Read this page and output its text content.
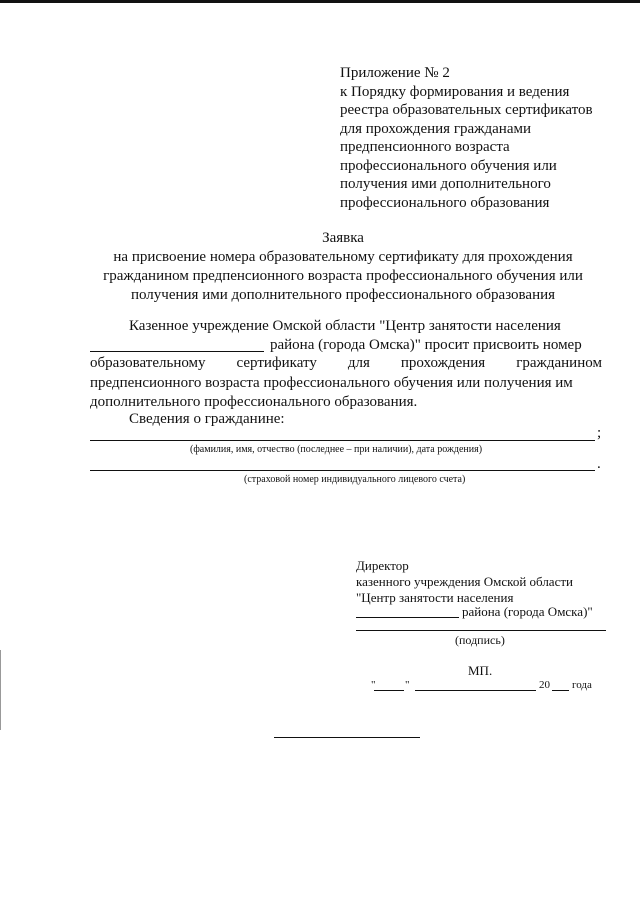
Приложение № 2
к Порядку формирования и ведения
реестра образовательных сертификатов
для прохождения гражданами
предпенсионного возраста
профессионального обучения или
получения ими дополнительного
профессионального образования
Заявка
на присвоение номера образовательному сертификату для прохождения
гражданином предпенсионного возраста профессионального обучения или
получения ими дополнительного профессионального образования
Казенное учреждение Омской области "Центр занятости населения
района (города Омска)" просит присвоить номер
образовательному сертификату для прохождения гражданином
предпенсионного возраста профессионального обучения или получения им
дополнительного профессионального образования.
Сведения о гражданине:
;
(фамилия, имя, отчество (последнее – при наличии), дата рождения)
.
(страховой номер индивидуального лицевого счета)
Директор
казенного учреждения Омской области
"Центр занятости населения
района (города Омска)"
(подпись)
МП.
"	"	20 года
